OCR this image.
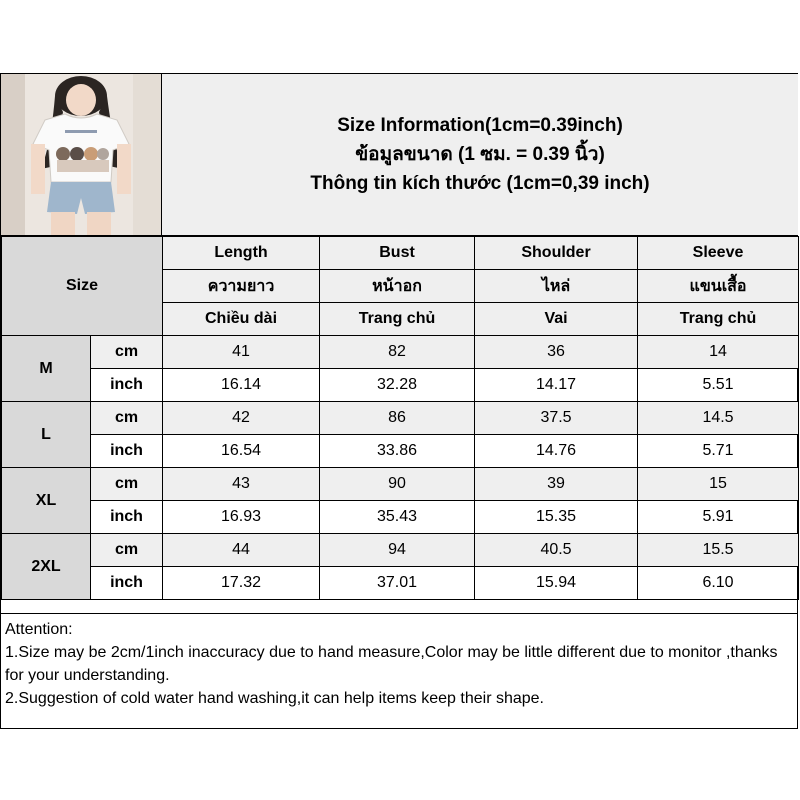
Size Information(1cm=0.39inch)
ข้อมูลขนาด (1 ซม. = 0.39 นิ้ว)
Thông tin kích thước (1cm=0,39 inch)
Size		Length	Bust	Shoulder	Sleeve
		ความยาว	หน้าอก	ไหล่	แขนเสื้อ
		Chiều dài	Trang chủ	Vai	Trang chủ
M	cm	41	82	36	14
	inch	16.14	32.28	14.17	5.51
L	cm	42	86	37.5	14.5
	inch	16.54	33.86	14.76	5.71
XL	cm	43	90	39	15
	inch	16.93	35.43	15.35	5.91
2XL	cm	44	94	40.5	15.5
	inch	17.32	37.01	15.94	6.10
Attention:
1.Size may be 2cm/1inch inaccuracy due to hand measure,Color may be little different due to monitor ,thanks for your understanding.
2.Suggestion of cold water hand washing,it can help items keep their shape.
